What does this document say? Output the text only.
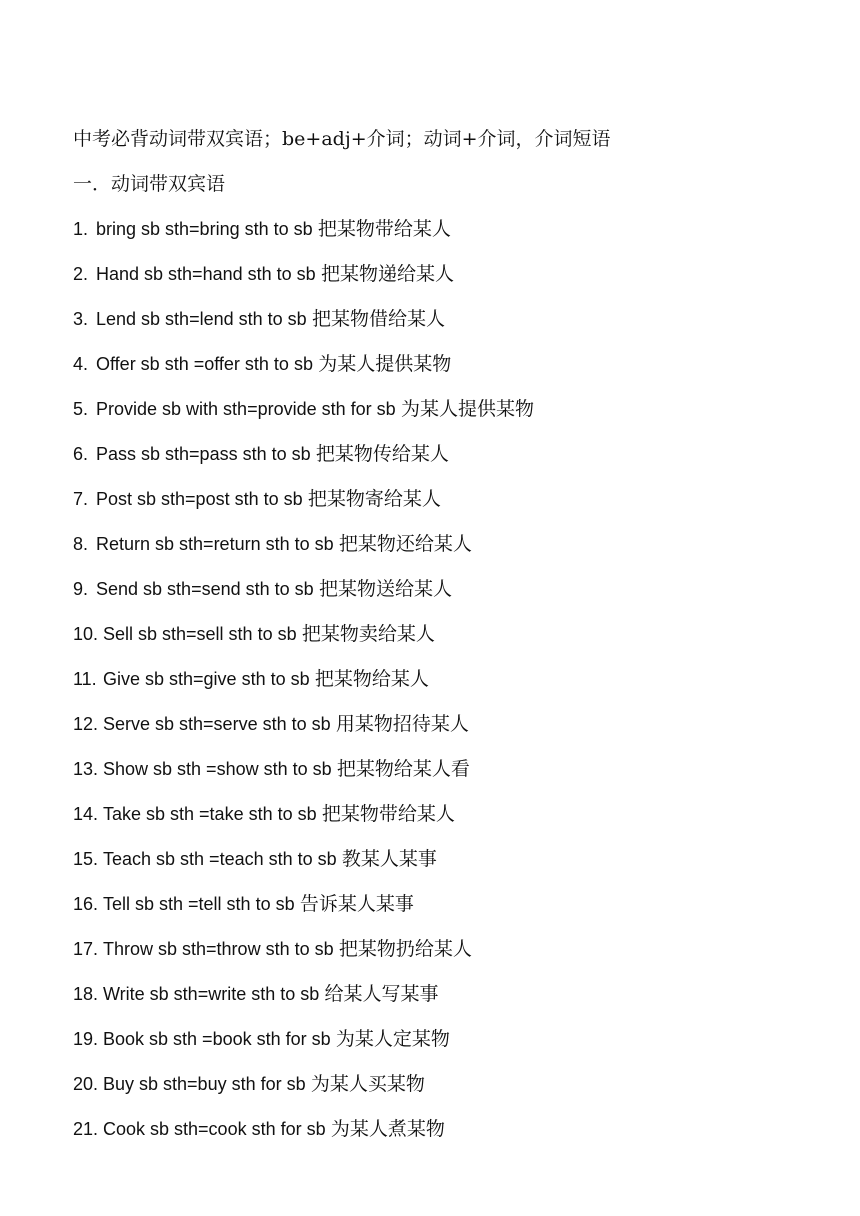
中考必背动词带双宾语；be+adj+介词；动词+介词，介词短语
一．动词带双宾语
1. bring sb sth=bring sth to sb 把某物带给某人
2. Hand sb sth=hand sth to sb 把某物递给某人
3. Lend sb sth=lend sth to sb 把某物借给某人
4. Offer sb sth =offer sth to sb 为某人提供某物
5. Provide sb with sth=provide sth for sb 为某人提供某物
6. Pass sb sth=pass sth to sb 把某物传给某人
7. Post sb sth=post sth to sb 把某物寄给某人
8. Return sb sth=return sth to sb 把某物还给某人
9. Send sb sth=send sth to sb 把某物送给某人
10. Sell sb sth=sell sth to sb 把某物卖给某人
11. Give sb sth=give sth to sb 把某物给某人
12. Serve sb sth=serve sth to sb 用某物招待某人
13. Show sb sth =show sth to sb 把某物给某人看
14. Take sb sth =take sth to sb 把某物带给某人
15. Teach sb sth =teach sth to sb 教某人某事
16. Tell sb sth =tell sth to sb 告诉某人某事
17. Throw sb sth=throw sth to sb 把某物扔给某人
18. Write sb sth=write sth to sb 给某人写某事
19. Book sb sth =book sth for sb 为某人定某物
20. Buy sb sth=buy sth for sb 为某人买某物
21. Cook sb sth=cook sth for sb 为某人煮某物
